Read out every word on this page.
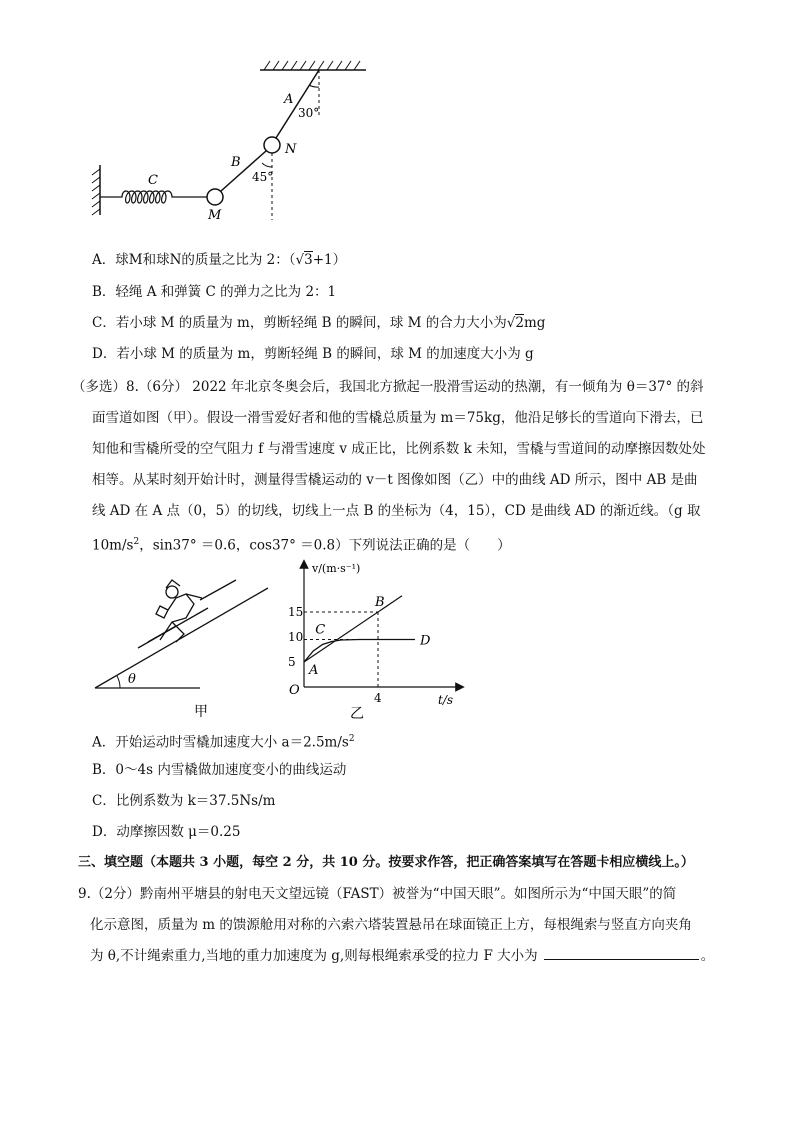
A
30°
N
B
45°
C
M
A．球M和球N的质量之比为 2：（√3+1）
B．轻绳 A 和弹簧 C 的弹力之比为 2：1
C．若小球 M 的质量为 m，剪断轻绳 B 的瞬间，球 M 的合力大小为√2mg
D．若小球 M 的质量为 m，剪断轻绳 B 的瞬间，球 M 的加速度大小为 g
（多选）8.（6分） 2022 年北京冬奥会后，我国北方掀起一股滑雪运动的热潮，有一倾角为 θ＝37° 的斜
面雪道如图（甲）。假设一滑雪爱好者和他的雪橇总质量为 m＝75kg，他沿足够长的雪道向下滑去，已
知他和雪橇所受的空气阻力 f 与滑雪速度 v 成正比，比例系数 k 未知，雪橇与雪道间的动摩擦因数处处
相等。从某时刻开始计时，测量得雪橇运动的 v－t 图像如图（乙）中的曲线 AD 所示，图中 AB 是曲
线 AD 在 A 点（0，5）的切线，切线上一点 B 的坐标为（4，15），CD 是曲线 AD 的渐近线。（g 取
$10m/s^2$，sin37° ＝0.6，cos37° ＝0.8）下列说法正确的是（　　）
θ
甲
v/(m·s⁻¹)
t/s
O
5
10
15
4
A
B
C
D
乙
A．开始运动时雪橇加速度大小 $a=2.5m/s^2$
B．0～4s 内雪橇做加速度变小的曲线运动
C．比例系数为 k＝37.5Ns/m
D．动摩擦因数 μ＝0.25
三、填空题（本题共 3 小题，每空 2 分，共 10 分。按要求作答，把正确答案填写在答题卡相应横线上。）
9.（2分）黔南州平塘县的射电天文望远镜（FAST）被誉为“中国天眼”。如图所示为“中国天眼”的简
化示意图，质量为 m 的馈源舱用对称的六索六塔装置悬吊在球面镜正上方，每根绳索与竖直方向夹角
为 θ,不计绳索重力,当地的重力加速度为 g,则每根绳索承受的拉力 F 大小为	。
